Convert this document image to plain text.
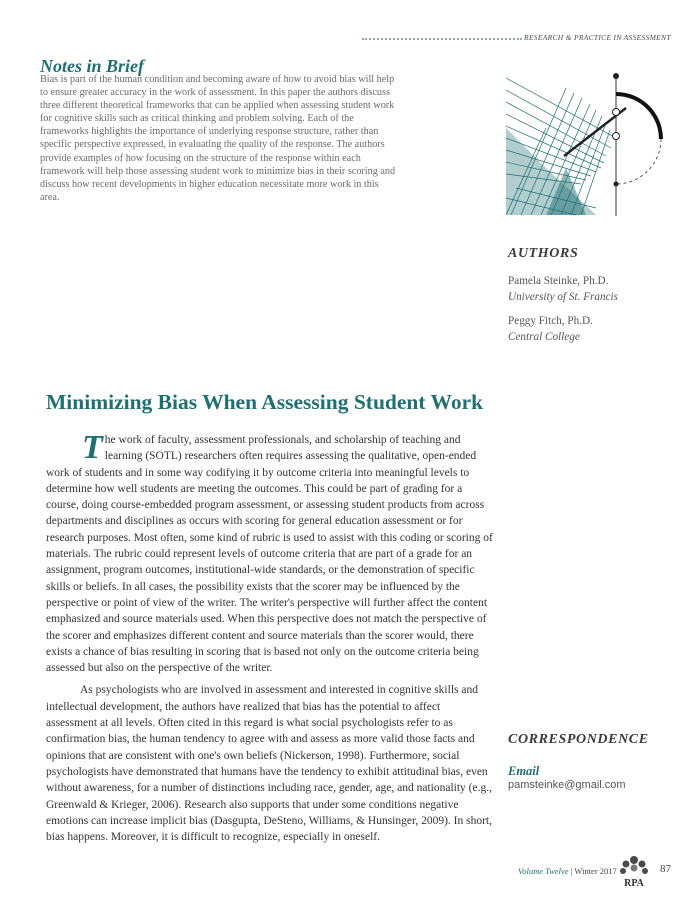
RESEARCH & PRACTICE IN ASSESSMENT
Notes in Brief
Bias is part of the human condition and becoming aware of how to avoid bias will help to ensure greater accuracy in the work of assessment. In this paper the authors discuss three different theoretical frameworks that can be applied when assessing student work for cognitive skills such as critical thinking and problem solving. Each of the frameworks highlights the importance of underlying response structure, rather than specific perspective expressed, in evaluating the quality of the response. The authors provide examples of how focusing on the structure of the response within each framework will help those assessing student work to minimize bias in their scoring and discuss how recent developments in higher education necessitate more work in this area.
AUTHORS
Pamela Steinke, Ph.D.
University of St. Francis
Peggy Fitch, Ph.D.
Central College
Minimizing Bias When Assessing Student Work

The work of faculty, assessment professionals, and scholarship of teaching and learning (SOTL) researchers often requires assessing the qualitative, open-ended work of students and in some way codifying it by outcome criteria into meaningful levels to determine how well students are meeting the outcomes. This could be part of grading for a course, doing course-embedded program assessment, or assessing student products from across departments and disciplines as occurs with scoring for general education assessment or for research purposes. Most often, some kind of rubric is used to assist with this coding or scoring of materials. The rubric could represent levels of outcome criteria that are part of a grade for an assignment, program outcomes, institutional-wide standards, or the demonstration of specific skills or beliefs. In all cases, the possibility exists that the scorer may be influenced by the perspective or point of view of the writer. The writer's perspective will further affect the content emphasized and source materials used. When this perspective does not match the perspective of the scorer and emphasizes different content and source materials than the scorer would, there exists a chance of bias resulting in scoring that is based not only on the outcome criteria being assessed but also on the perspective of the writer.

As psychologists who are involved in assessment and interested in cognitive skills and intellectual development, the authors have realized that bias has the potential to affect assessment at all levels. Often cited in this regard is what social psychologists refer to as confirmation bias, the human tendency to agree with and assess as more valid those facts and opinions that are consistent with one's own beliefs (Nickerson, 1998). Furthermore, social psychologists have demonstrated that humans have the tendency to exhibit attitudinal bias, even without awareness, for a number of distinctions including race, gender, age, and nationality (e.g., Greenwald & Krieger, 2006). Research also supports that under some conditions negative emotions can increase implicit bias (Dasgupta, DeSteno, Williams, & Hunsinger, 2009). In short, bias happens. Moreover, it is difficult to recognize, especially in oneself.

CORRESPONDENCE
Email
pamsteinke@gmail.com
Volume Twelve | Winter 2017
RPA
87
